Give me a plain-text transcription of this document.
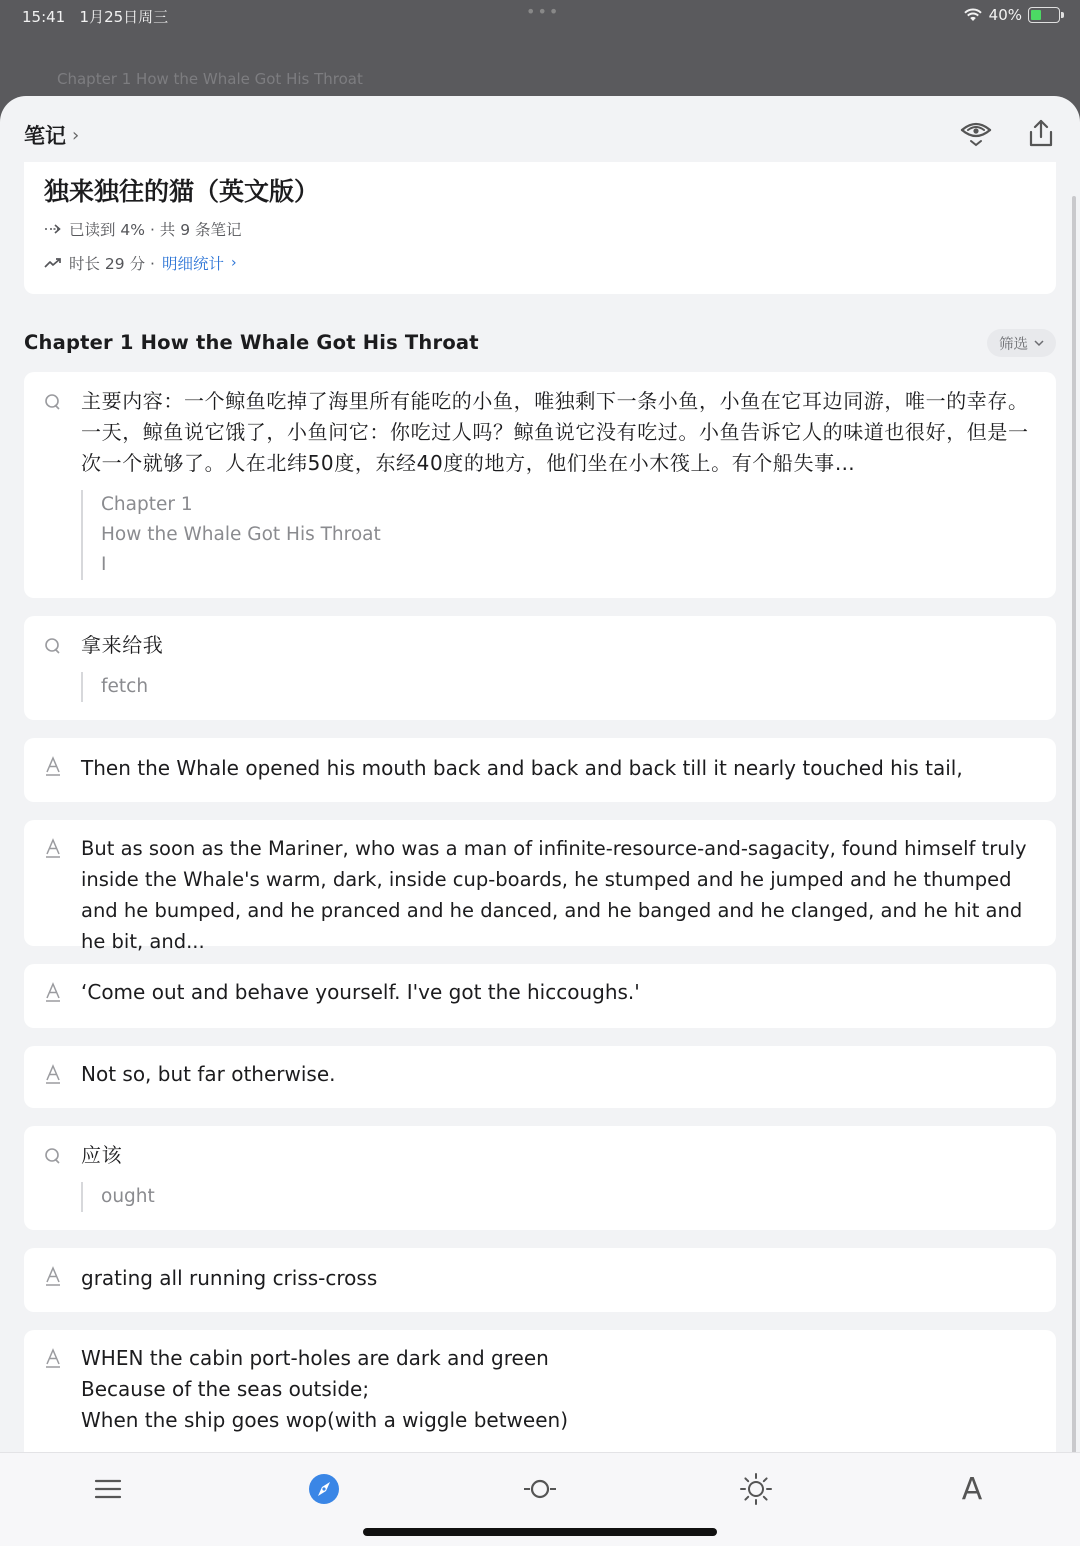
15:41 1月25日周三	•••	40%
Chapter 1 How the Whale Got His Throat
笔记 ›
独来独往的猫（英文版）
已读到 4% · 共 9 条笔记
时长 29 分 · 明细统计 ›
Chapter 1 How the Whale Got His Throat	筛选
主要内容：一个鲸鱼吃掉了海里所有能吃的小鱼，唯独剩下一条小鱼，小鱼在它耳边同游，唯一的幸存。一天，鲸鱼说它饿了，小鱼问它：你吃过人吗？鲸鱼说它没有吃过。小鱼告诉它人的味道也很好，但是一次一个就够了。人在北纬50度，东经40度的地方，他们坐在小木筏上。有个船失事…
Chapter 1
How the Whale Got His Throat
I
拿来给我
fetch
Then the Whale opened his mouth back and back and back till it nearly touched his tail,
But as soon as the Mariner, who was a man of infinite-resource-and-sagacity, found himself truly inside the Whale's warm, dark, inside cup-boards, he stumped and he jumped and he thumped and he bumped, and he pranced and he danced, and he banged and he clanged, and he hit and he bit, and...
‘Come out and behave yourself. I've got the hiccoughs.'
Not so, but far otherwise.
应该
ought
grating all running criss-cross
WHEN the cabin port-holes are dark and green
Because of the seas outside;
When the ship goes wop(with a wiggle between)
A
